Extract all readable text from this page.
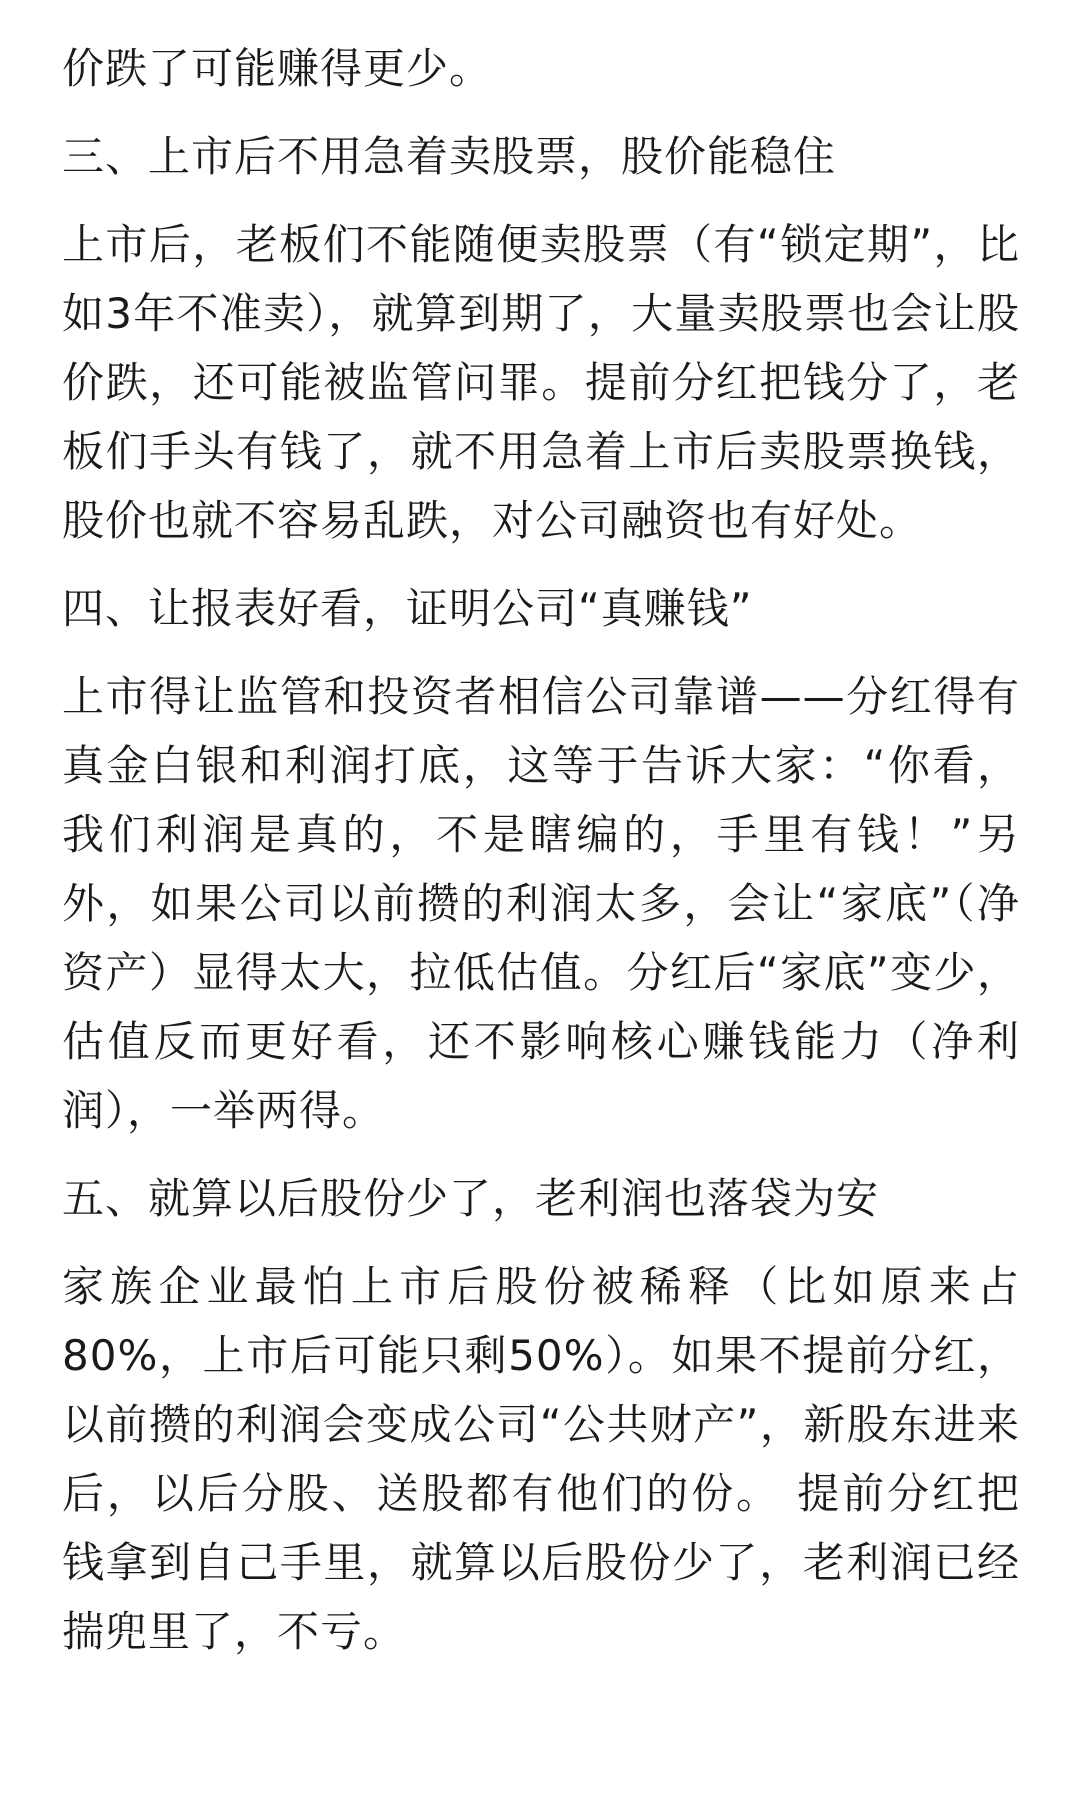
价跌了可能赚得更少。

三、上市后不用急着卖股票，股价能稳住

上市后，老板们不能随便卖股票（有“锁定期”，比如3年不准卖），就算到期了，大量卖股票也会让股价跌，还可能被监管问罪。提前分红把钱分了，老板们手头有钱了，就不用急着上市后卖股票换钱，股价也就不容易乱跌，对公司融资也有好处。

四、让报表好看，证明公司“真赚钱”

上市得让监管和投资者相信公司靠谱——分红得有真金白银和利润打底，这等于告诉大家：“你看，我们利润是真的，不是瞎编的，手里有钱！”另外，如果公司以前攒的利润太多，会让“家底”（净资产）显得太大，拉低估值。分红后“家底”变少，估值反而更好看，还不影响核心赚钱能力（净利润），一举两得。

五、就算以后股份少了，老利润也落袋为安

家族企业最怕上市后股份被稀释（比如原来占80%，上市后可能只剩50%）。如果不提前分红，以前攒的利润会变成公司“公共财产”，新股东进来后，以后分股、送股都有他们的份。 提前分红把钱拿到自己手里，就算以后股份少了，老利润已经揣兜里了，不亏。
